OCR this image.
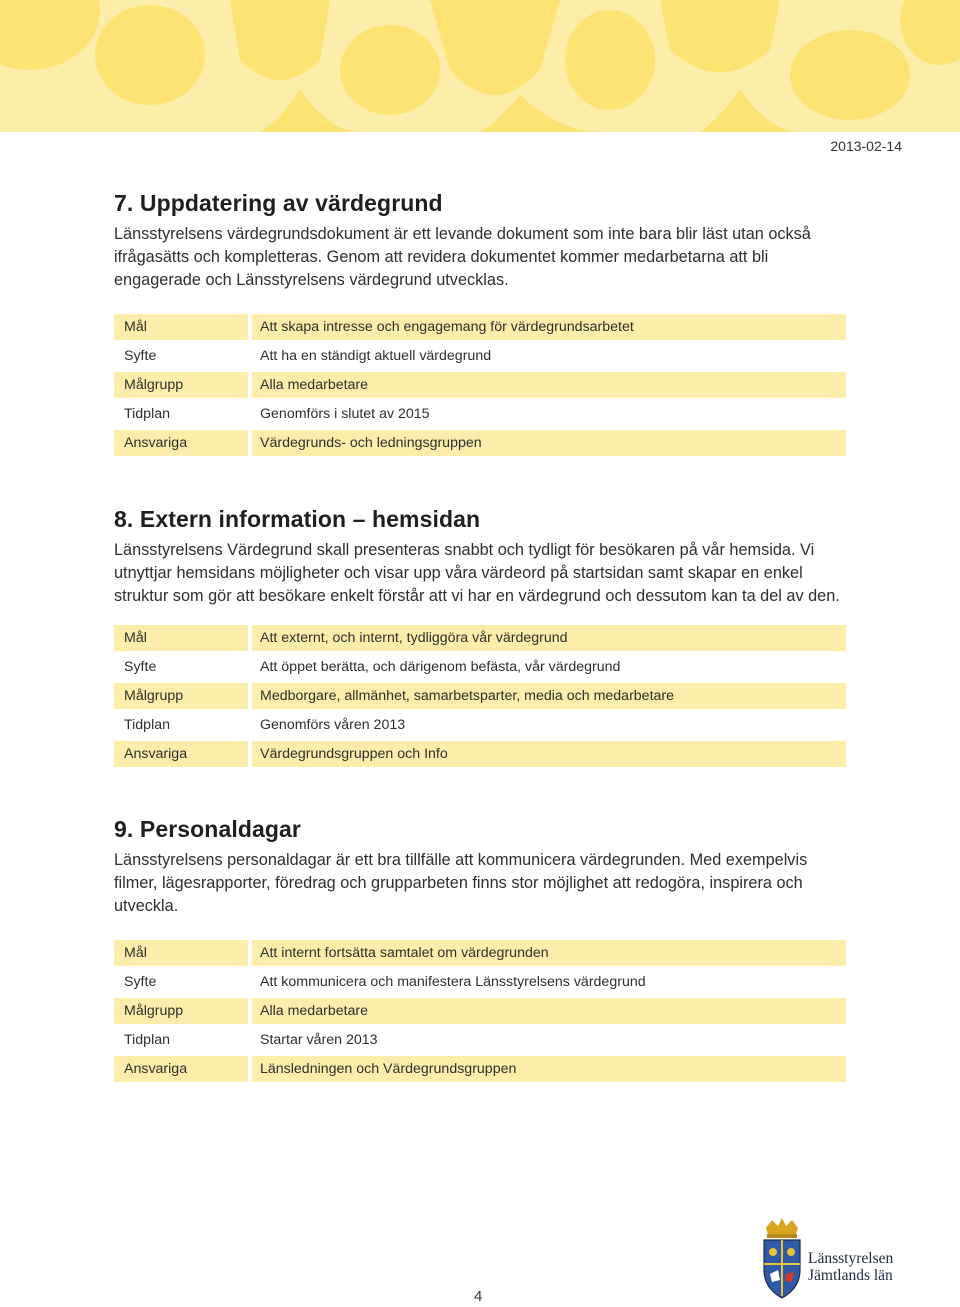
2013-02-14
7. Uppdatering av värdegrund

Länsstyrelsens värdegrundsdokument är ett levande dokument som inte bara blir läst utan också ifrågasätts och kompletteras. Genom att revidera dokumentet kommer medarbetarna att bli engagerade och Länsstyrelsens värdegrund utvecklas.

Mål	Att skapa intresse och engagemang för värdegrundsarbetet
Syfte	Att ha en ständigt aktuell värdegrund
Målgrupp	Alla medarbetare
Tidplan	Genomförs i slutet av 2015
Ansvariga	Värdegrunds- och ledningsgruppen
8. Extern information – hemsidan

Länsstyrelsens Värdegrund skall presenteras snabbt och tydligt för besökaren på vår hemsida. Vi utnyttjar hemsidans möjligheter och visar upp våra värdeord på startsidan samt skapar en enkel struktur som gör att besökare enkelt förstår att vi har en värdegrund och dessutom kan ta del av den.

Mål	Att externt, och internt, tydliggöra vår värdegrund
Syfte	Att öppet berätta, och därigenom befästa, vår värdegrund
Målgrupp	Medborgare, allmänhet, samarbetsparter, media och medarbetare
Tidplan	Genomförs våren 2013
Ansvariga	Värdegrundsgruppen och Info
9. Personaldagar

Länsstyrelsens personaldagar är ett bra tillfälle att kommunicera värdegrunden. Med exempelvis filmer, lägesrapporter, föredrag och grupparbeten finns stor möjlighet att redogöra, inspirera och utveckla.

Mål	Att internt fortsätta samtalet om värdegrunden
Syfte	Att kommunicera och manifestera Länsstyrelsens värdegrund
Målgrupp	Alla medarbetare
Tidplan	Startar våren 2013
Ansvariga	Länsledningen och Värdegrundsgruppen
4
Länsstyrelsen
Jämtlands län
